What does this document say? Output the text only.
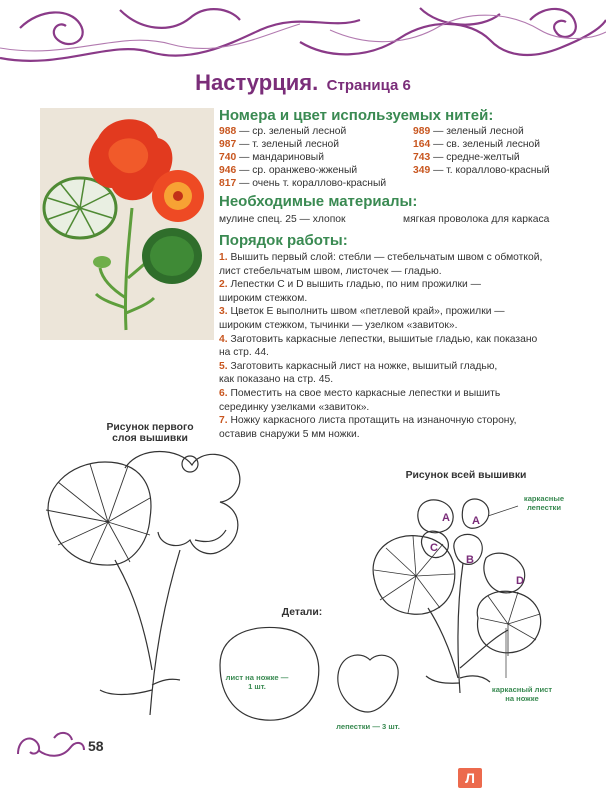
Настурция. Страница 6
Номера и цвет используемых нитей:
988 — ср. зеленый лесной
987 — т. зеленый лесной
740 — мандариновый
946 — ср. оранжево-жженый
817 — очень т. кораллово-красный
989 — зеленый лесной
164 — св. зеленый лесной
743 — средне-желтый
349 — т. кораллово-красный
Необходимые материалы:
мулине спец. 25 — хлопок	мягкая проволока для каркаса
Порядок работы:
1. Вышить первый слой: стебли — стебельчатым швом с обмоткой,
лист стебельчатым швом, листочек — гладью.
2. Лепестки C и D вышить гладью, по ним прожилки —
широким стежком.
3. Цветок E выполнить швом «петлевой край», прожилки —
широким стежком, тычинки — узелком «завиток».
4. Заготовить каркасные лепестки, вышитые гладью, как показано
на стр. 44.
5. Заготовить каркасный лист на ножке, вышитый гладью,
как показано на стр. 45.
6. Поместить на свое место каркасные лепестки и вышить
серединку узелками «завиток».
7. Ножку каркасного листа протащить на изнаночную сторону,
оставив снаружи 5 мм ножки.
Рисунок первого
слоя вышивки
Рисунок всей вышивки
Детали:
лист на ножке —
1 шт.
лепестки — 3 шт.
A A
C
B
D
каркасные
лепестки
каркасный лист
на ножке
58
Л
